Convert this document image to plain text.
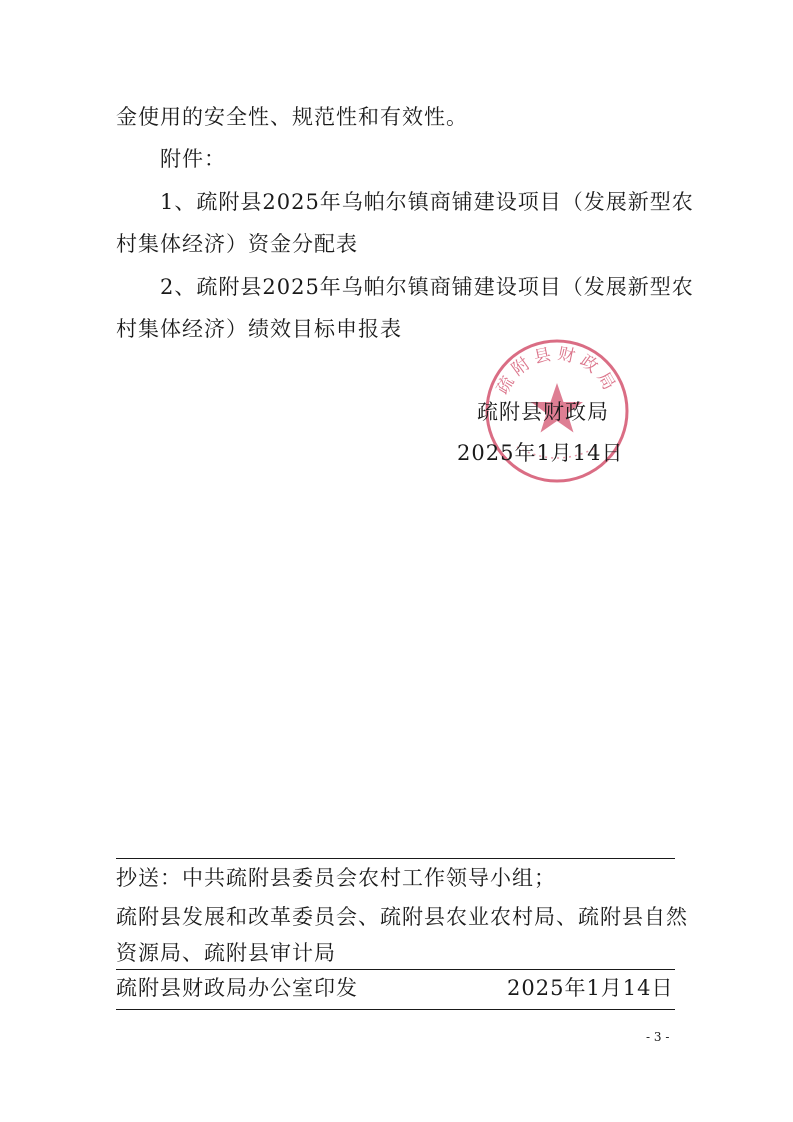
金使用的安全性、规范性和有效性。
附件：
1、疏附县2025年乌帕尔镇商铺建设项目（发展新型农
村集体经济）资金分配表
2、疏附县2025年乌帕尔镇商铺建设项目（发展新型农
村集体经济）绩效目标申报表
疏附县财政局
疏附县财政局
2025年1月14日
抄送：中共疏附县委员会农村工作领导小组；
疏附县发展和改革委员会、疏附县农业农村局、疏附县自然
资源局、疏附县审计局
疏附县财政局办公室印发	2025年1月14日
- 3 -
